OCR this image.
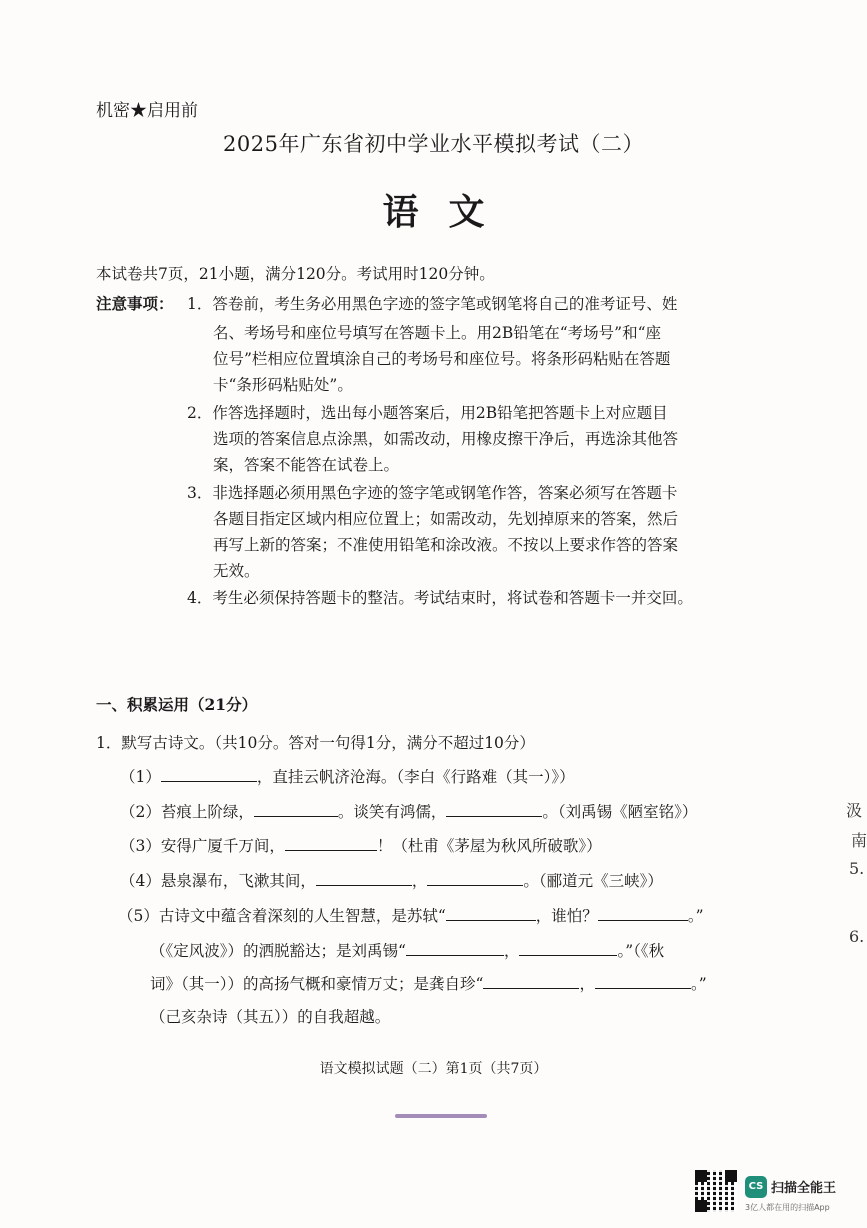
机密★启用前
2025年广东省初中学业水平模拟考试（二）
语文
本试卷共7页，21小题，满分120分。考试用时120分钟。
注意事项： 1．答卷前，考生务必用黑色字迹的签字笔或钢笔将自己的准考证号、姓
名、考场号和座位号填写在答题卡上。用2B铅笔在“考场号”和“座
位号”栏相应位置填涂自己的考场号和座位号。将条形码粘贴在答题
卡“条形码粘贴处”。
2．作答选择题时，选出每小题答案后，用2B铅笔把答题卡上对应题目
选项的答案信息点涂黑，如需改动，用橡皮擦干净后，再选涂其他答
案，答案不能答在试卷上。
3．非选择题必须用黑色字迹的签字笔或钢笔作答，答案必须写在答题卡
各题目指定区域内相应位置上；如需改动，先划掉原来的答案，然后
再写上新的答案；不准使用铅笔和涂改液。不按以上要求作答的答案
无效。
4．考生必须保持答题卡的整洁。考试结束时，将试卷和答题卡一并交回。
一、积累运用（21分）
1．默写古诗文。（共10分。答对一句得1分，满分不超过10分）
（1）	，直挂云帆济沧海。（李白《行路难（其一）》）
（2）苔痕上阶绿，	。谈笑有鸿儒，	。（刘禹锡《陋室铭》）
（3）安得广厦千万间，	！（杜甫《茅屋为秋风所破歌》）
（4）悬泉瀑布，飞漱其间，	，	。（郦道元《三峡》）
（5）古诗文中蕴含着深刻的人生智慧，是苏轼“	，谁怕？	。”
（《定风波》）的洒脱豁达；是刘禹锡“	，	。”（《秋
词》（其一））的高扬气概和豪情万丈；是龚自珍“	，	。”
（己亥杂诗（其五））的自我超越。
语文模拟试题（二）第1页（共7页）
汲
南
5.
6.
CS 扫描全能王
3亿人都在用的扫描App
